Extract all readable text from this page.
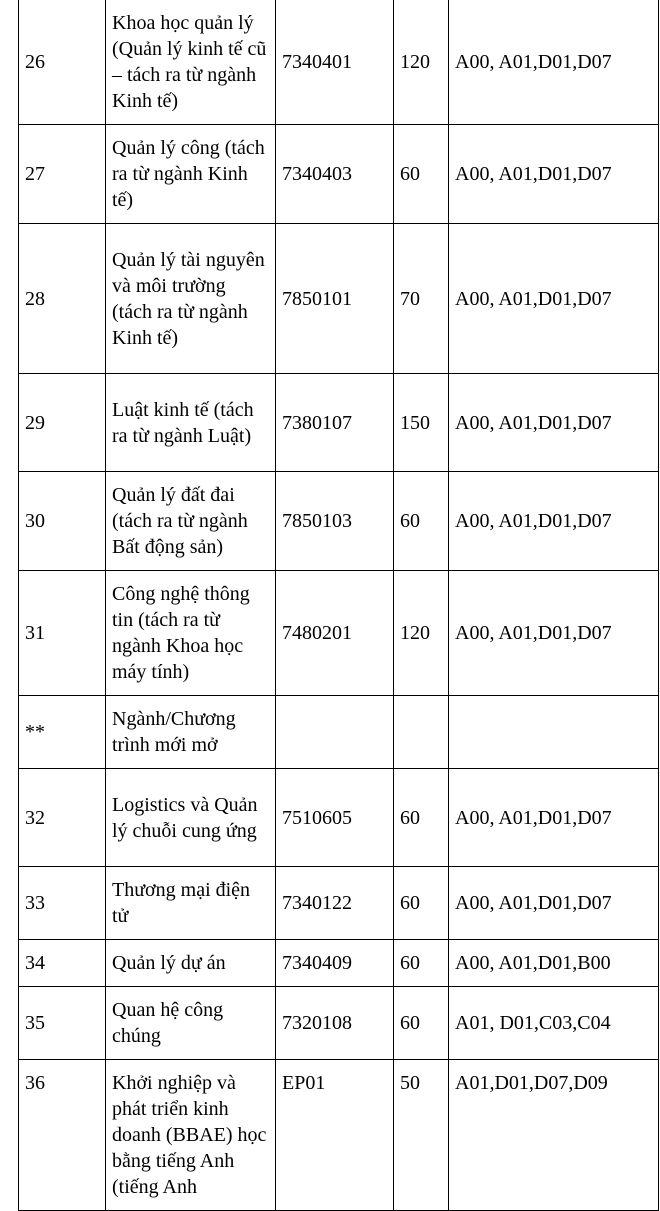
26	Khoa học quản lý (Quản lý kinh tế cũ – tách ra từ ngành Kinh tế)	7340401	120	A00, A01,D01,D07
27	Quản lý công (tách ra từ ngành Kinh tế)	7340403	60	A00, A01,D01,D07
28	Quản lý tài nguyên và môi trường (tách ra từ ngành Kinh tế)	7850101	70	A00, A01,D01,D07
29	Luật kinh tế (tách ra từ ngành Luật)	7380107	150	A00, A01,D01,D07
30	Quản lý đất đai (tách ra từ ngành Bất động sản)	7850103	60	A00, A01,D01,D07
31	Công nghệ thông tin (tách ra từ ngành Khoa học máy tính)	7480201	120	A00, A01,D01,D07
**	Ngành/Chương trình mới mở			
32	Logistics và Quản lý chuỗi cung ứng	7510605	60	A00, A01,D01,D07
33	Thương mại điện tử	7340122	60	A00, A01,D01,D07
34	Quản lý dự án	7340409	60	A00, A01,D01,B00
35	Quan hệ công chúng	7320108	60	A01, D01,C03,C04
36	Khởi nghiệp và phát triển kinh doanh (BBAE) học bằng tiếng Anh (tiếng Anh	EP01	50	A01,D01,D07,D09
